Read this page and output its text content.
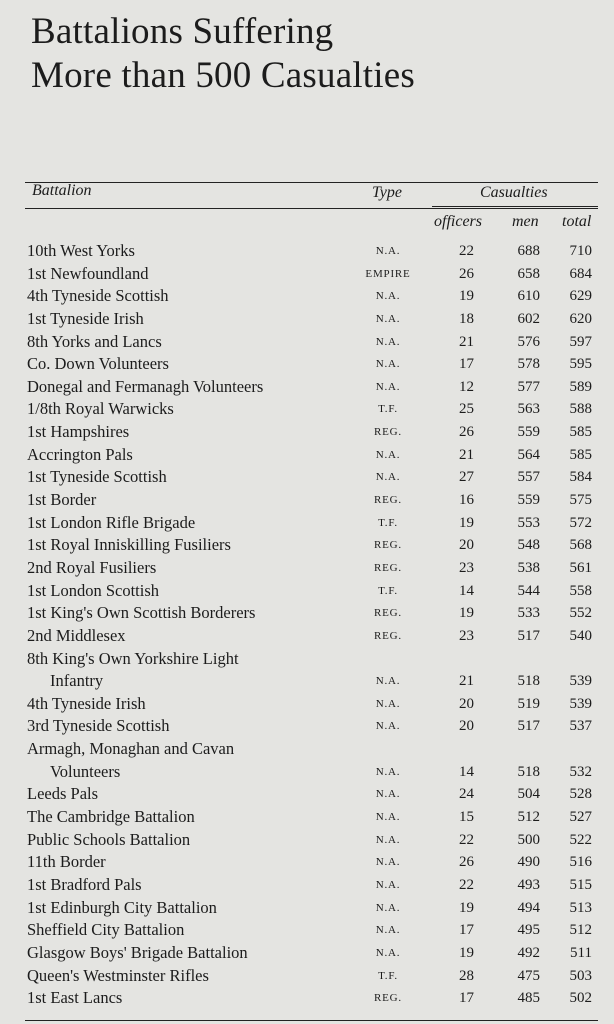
Battalions Suffering
More than 500 Casualties
Battalion	Type	Casualties
officers men total
10th West Yorks	N.A.	22	688	710
1st Newfoundland	EMPIRE	26	658	684
4th Tyneside Scottish	N.A.	19	610	629
1st Tyneside Irish	N.A.	18	602	620
8th Yorks and Lancs	N.A.	21	576	597
Co. Down Volunteers	N.A.	17	578	595
Donegal and Fermanagh Volunteers	N.A.	12	577	589
1/8th Royal Warwicks	T.F.	25	563	588
1st Hampshires	REG.	26	559	585
Accrington Pals	N.A.	21	564	585
1st Tyneside Scottish	N.A.	27	557	584
1st Border	REG.	16	559	575
1st London Rifle Brigade	T.F.	19	553	572
1st Royal Inniskilling Fusiliers	REG.	20	548	568
2nd Royal Fusiliers	REG.	23	538	561
1st London Scottish	T.F.	14	544	558
1st King's Own Scottish Borderers	REG.	19	533	552
2nd Middlesex	REG.	23	517	540
8th King's Own Yorkshire Light
Infantry	N.A.	21	518	539
4th Tyneside Irish	N.A.	20	519	539
3rd Tyneside Scottish	N.A.	20	517	537
Armagh, Monaghan and Cavan
Volunteers	N.A.	14	518	532
Leeds Pals	N.A.	24	504	528
The Cambridge Battalion	N.A.	15	512	527
Public Schools Battalion	N.A.	22	500	522
11th Border	N.A.	26	490	516
1st Bradford Pals	N.A.	22	493	515
1st Edinburgh City Battalion	N.A.	19	494	513
Sheffield City Battalion	N.A.	17	495	512
Glasgow Boys' Brigade Battalion	N.A.	19	492	511
Queen's Westminster Rifles	T.F.	28	475	503
1st East Lancs	REG.	17	485	502
